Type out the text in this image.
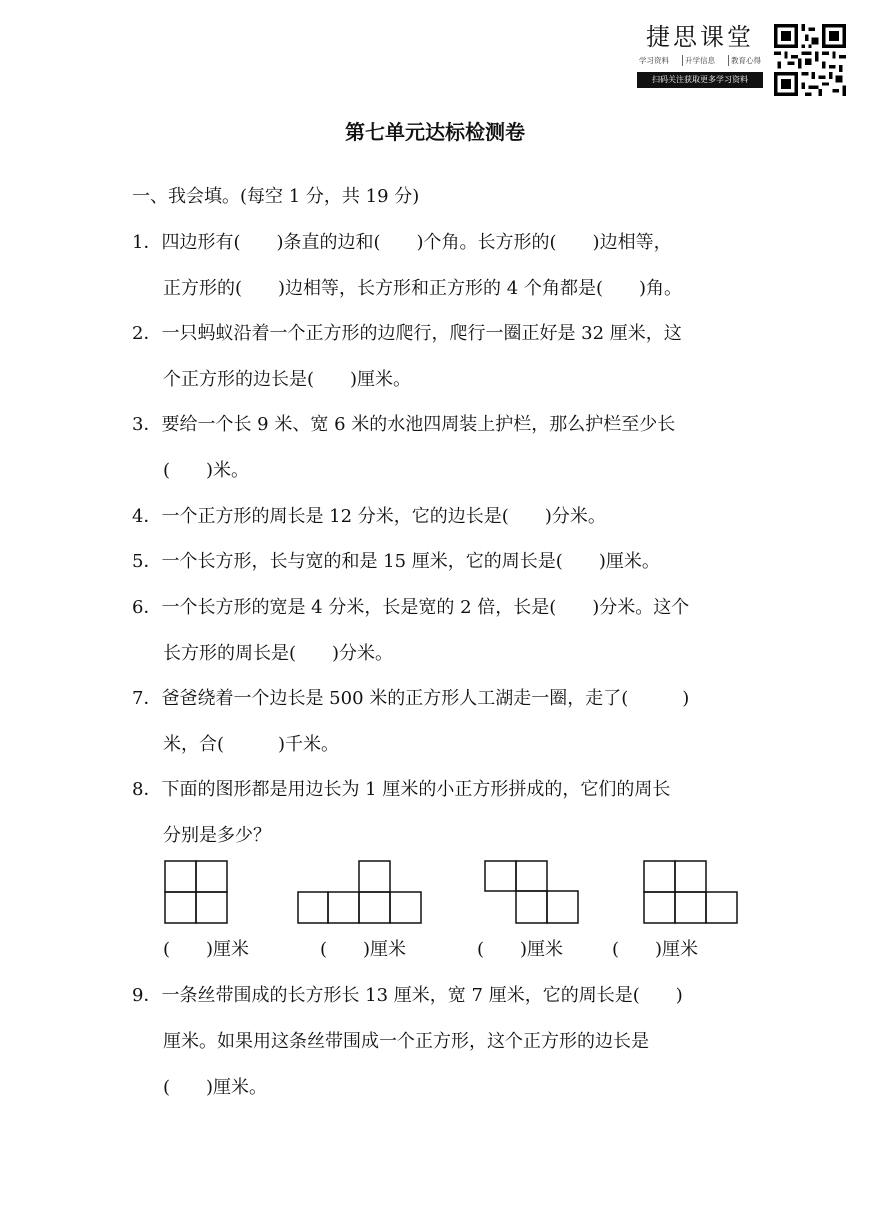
捷思课堂
学习资料	升学信息	教育心得
扫码关注获取更多学习资料
第七单元达标检测卷
一、我会填。(每空 1 分，共 19 分)
1．四边形有(　　)条直的边和(　　)个角。长方形的(　　)边相等，
正方形的(　　)边相等，长方形和正方形的 4 个角都是(　　)角。
2．一只蚂蚁沿着一个正方形的边爬行，爬行一圈正好是 32 厘米，这
个正方形的边长是(　　)厘米。
3．要给一个长 9 米、宽 6 米的水池四周装上护栏，那么护栏至少长
(　　)米。
4．一个正方形的周长是 12 分米，它的边长是(　　)分米。
5．一个长方形，长与宽的和是 15 厘米，它的周长是(　　)厘米。
6．一个长方形的宽是 4 分米，长是宽的 2 倍，长是(　　)分米。这个
长方形的周长是(　　)分米。
7．爸爸绕着一个边长是 500 米的正方形人工湖走一圈，走了(　　　)
米，合(　　　)千米。
8．下面的图形都是用边长为 1 厘米的小正方形拼成的，它们的周长
分别是多少？
(　　)厘米	(　　)厘米	(　　)厘米	(　　)厘米
9．一条丝带围成的长方形长 13 厘米，宽 7 厘米，它的周长是(　　)
厘米。如果用这条丝带围成一个正方形，这个正方形的边长是
(　　)厘米。
